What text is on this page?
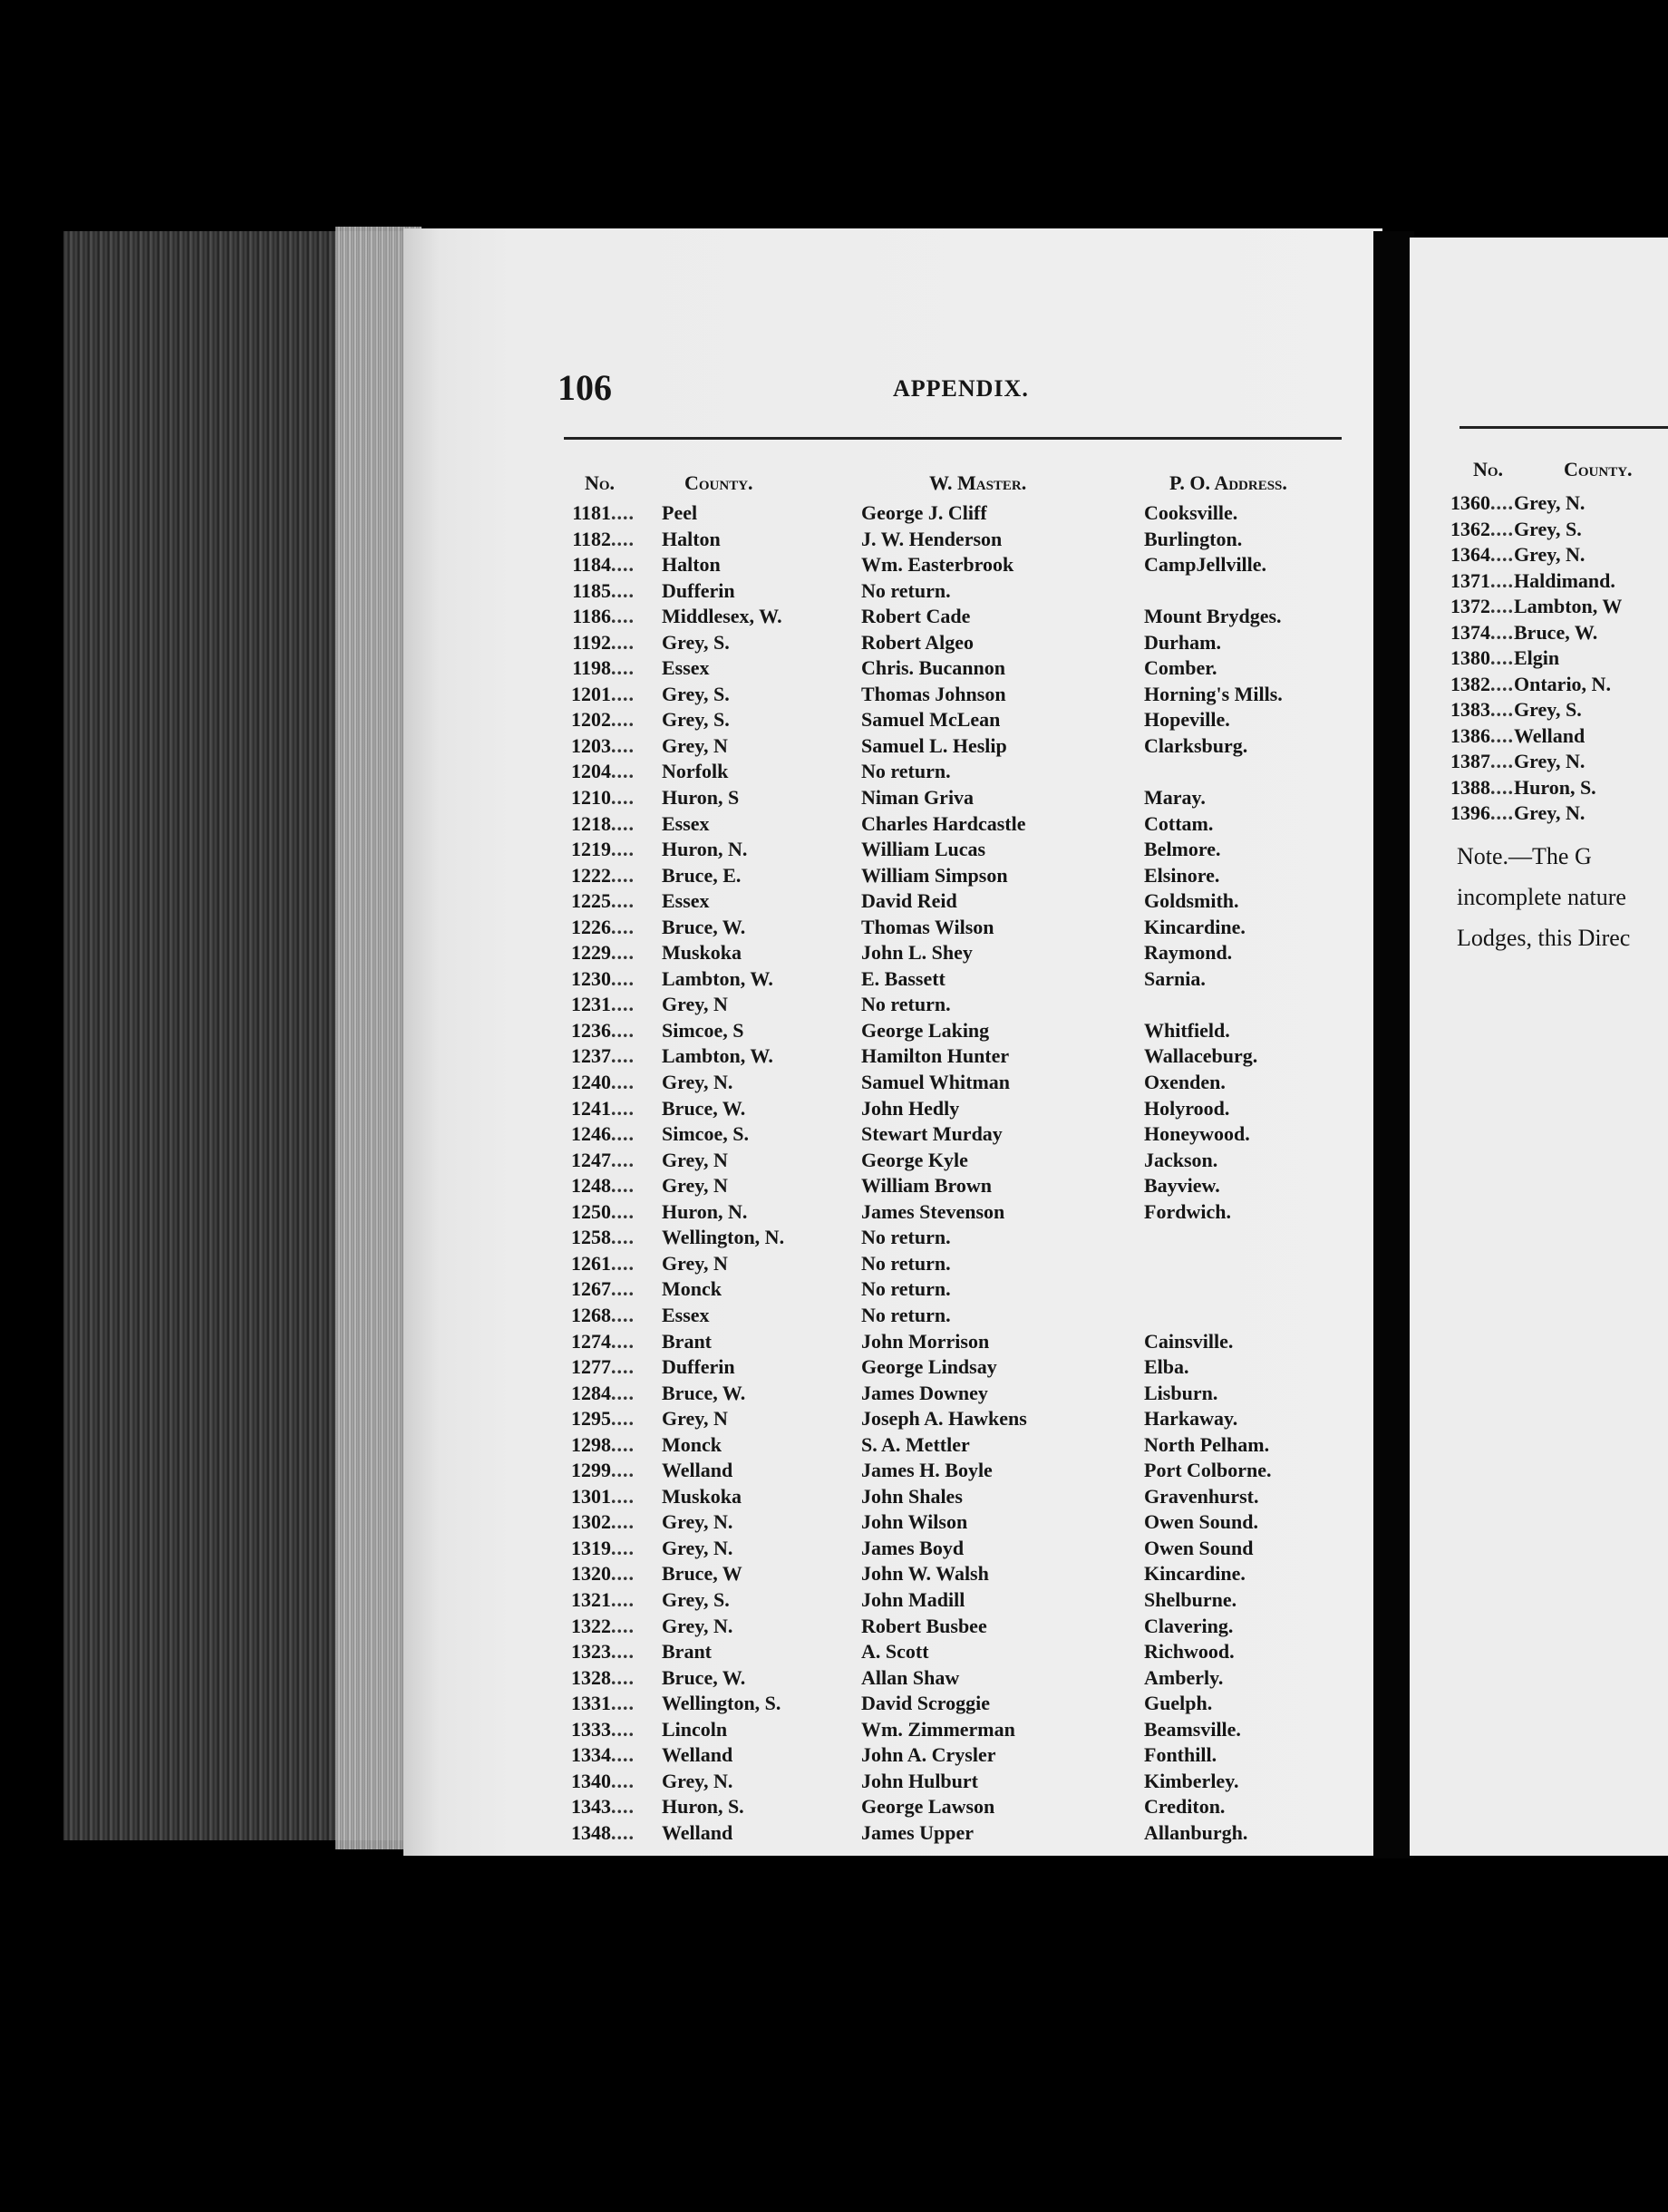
106	APPENDIX.
No.	County.	W. Master.	P. O. Address.
1181 .... Peel	George J. Cliff	Cooksville.
1182 .... Halton	J. W. Henderson	Burlington.
1184 .... Halton	Wm. Easterbrook	CampJellville.
1185 .... Dufferin	No return.
1186 .... Middlesex, W.	Robert Cade	Mount Brydges.
1192 .... Grey, S.	Robert Algeo	Durham.
1198 .... Essex	Chris. Bucannon	Comber.
1201 .... Grey, S.	Thomas Johnson	Horning's Mills.
1202 .... Grey, S.	Samuel McLean	Hopeville.
1203 .... Grey, N	Samuel L. Heslip	Clarksburg.
1204 .... Norfolk	No return.
1210 .... Huron, S	Niman Griva	Maray.
1218 .... Essex	Charles Hardcastle	Cottam.
1219 .... Huron, N.	William Lucas	Belmore.
1222 .... Bruce, E.	William Simpson	Elsinore.
1225 .... Essex	David Reid	Goldsmith.
1226 .... Bruce, W.	Thomas Wilson	Kincardine.
1229 .... Muskoka	John L. Shey	Raymond.
1230 .... Lambton, W.	E. Bassett	Sarnia.
1231 .... Grey, N	No return.
1236 .... Simcoe, S	George Laking	Whitfield.
1237 .... Lambton, W.	Hamilton Hunter	Wallaceburg.
1240 .... Grey, N.	Samuel Whitman	Oxenden.
1241 .... Bruce, W.	John Hedly	Holyrood.
1246 .... Simcoe, S.	Stewart Murday	Honeywood.
1247 .... Grey, N	George Kyle	Jackson.
1248 .... Grey, N	William Brown	Bayview.
1250 .... Huron, N.	James Stevenson	Fordwich.
1258 .... Wellington, N.	No return.
1261 .... Grey, N	No return.
1267 .... Monck	No return.
1268 .... Essex	No return.
1274 .... Brant	John Morrison	Cainsville.
1277 .... Dufferin	George Lindsay	Elba.
1284 .... Bruce, W.	James Downey	Lisburn.
1295 .... Grey, N	Joseph A. Hawkens	Harkaway.
1298 .... Monck	S. A. Mettler	North Pelham.
1299 .... Welland	James H. Boyle	Port Colborne.
1301 .... Muskoka	John Shales	Gravenhurst.
1302 .... Grey, N.	John Wilson	Owen Sound.
1319 .... Grey, N.	James Boyd	Owen Sound
1320 .... Bruce, W	John W. Walsh	Kincardine.
1321 .... Grey, S.	John Madill	Shelburne.
1322 .... Grey, N.	Robert Busbee	Clavering.
1323 .... Brant	A. Scott	Richwood.
1328 .... Bruce, W.	Allan Shaw	Amberly.
1331 .... Wellington, S.	David Scroggie	Guelph.
1333 .... Lincoln	Wm. Zimmerman	Beamsville.
1334 .... Welland	John A. Crysler	Fonthill.
1340 .... Grey, N.	John Hulburt	Kimberley.
1343 .... Huron, S.	George Lawson	Crediton.
1348 .... Welland	James Upper	Allanburgh.
No.	County.
1360....Grey, N.
1362....Grey, S.
1364....Grey, N.
1371....Haldimand.
1372....Lambton, W
1374....Bruce, W.
1380....Elgin
1382....Ontario, N.
1383....Grey, S.
1386....Welland
1387....Grey, N.
1388....Huron, S.
1396....Grey, N.
Note.—The G
incomplete nature
Lodges, this Direc
